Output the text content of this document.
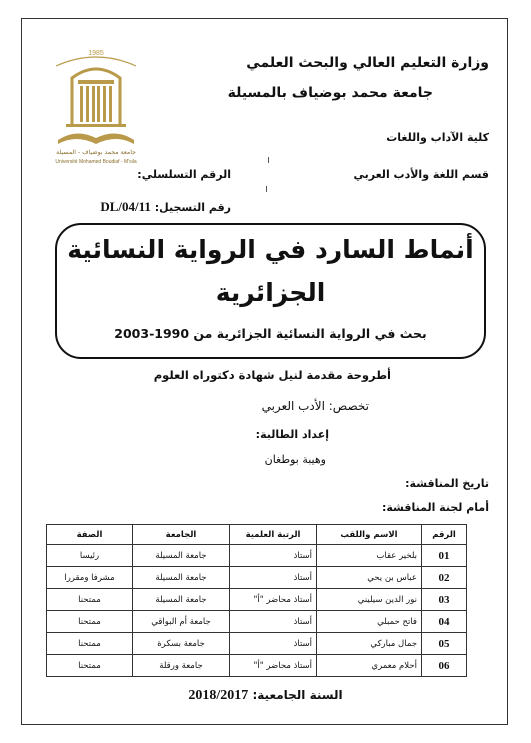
1985
جامعة محمد بوضياف - المسيلة
Université Mohamed Boudiaf - M'sila
وزارة التعليم العالي والبحث العلمي
جامعة محمد بوضياف بالمسيلة
كلية الآداب واللغات
قسم اللغة والأدب العربي
الرقم التسلسلي:
رقم التسجيل: DL/04/11
أنماط السارد في الرواية النسائية الجزائرية
بحث في الرواية النسائية الجزائرية من 1990-2003
أطروحة مقدمة لنيل شهادة دكتوراه العلوم
تخصص: الأدب العربي
إعداد الطالبة:
وهيبة بوطغان
تاريخ المناقشة:
أمام لجنة المناقشة:
الرقم	الاسم واللقب	الرتبة العلمية	الجامعة	الصفة
01	بلخير عقاب	أستاذ	جامعة المسيلة	رئيسا
02	عباس بن يحي	أستاذ	جامعة المسيلة	مشرفا ومقررا
03	نور الدين سيليني	أستاذ محاضر "أ"	جامعة المسيلة	ممتحنا
04	فاتح حمبلي	أستاذ	جامعة أم البواقي	ممتحنا
05	جمال مباركي	أستاذ	جامعة بسكرة	ممتحنا
06	أحلام معمري	أستاذ محاضر "أ"	جامعة ورقلة	ممتحنا
السنة الجامعية: 2018/2017
